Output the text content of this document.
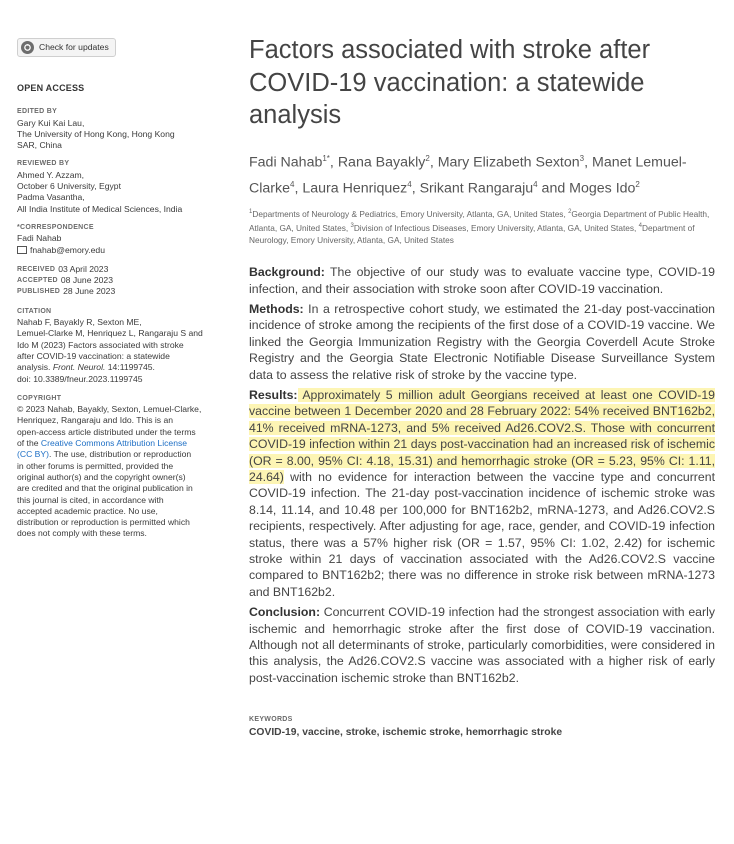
Check for updates
OPEN ACCESS
EDITED BY
Gary Kui Kai Lau,
The University of Hong Kong, Hong Kong
SAR, China
REVIEWED BY
Ahmed Y. Azzam,
October 6 University, Egypt
Padma Vasantha,
All India Institute of Medical Sciences, India
*CORRESPONDENCE
Fadi Nahab
fnahab@emory.edu
RECEIVED 03 April 2023
ACCEPTED 08 June 2023
PUBLISHED 28 June 2023
CITATION
Nahab F, Bayakly R, Sexton ME,
Lemuel-Clarke M, Henriquez L, Rangaraju S and
Ido M (2023) Factors associated with stroke
after COVID-19 vaccination: a statewide
analysis. Front. Neurol. 14:1199745.
doi: 10.3389/fneur.2023.1199745
COPYRIGHT
© 2023 Nahab, Bayakly, Sexton, Lemuel-Clarke,
Henriquez, Rangaraju and Ido. This is an
open-access article distributed under the terms
of the Creative Commons Attribution License
(CC BY). The use, distribution or reproduction
in other forums is permitted, provided the
original author(s) and the copyright owner(s)
are credited and that the original publication in
this journal is cited, in accordance with
accepted academic practice. No use,
distribution or reproduction is permitted which
does not comply with these terms.
Factors associated with stroke after COVID-19 vaccination: a statewide analysis
Fadi Nahab$^{1*}$, Rana Bayakly$^2$, Mary Elizabeth Sexton$^3$, Manet Lemuel-Clarke$^4$, Laura Henriquez$^4$, Srikant Rangaraju$^4$ and Moges Ido$^2$
$^1$Departments of Neurology & Pediatrics, Emory University, Atlanta, GA, United States, $^2$Georgia Department of Public Health, Atlanta, GA, United States, $^3$Division of Infectious Diseases, Emory University, Atlanta, GA, United States, $^4$Department of Neurology, Emory University, Atlanta, GA, United States

Background: The objective of our study was to evaluate vaccine type, COVID-19 infection, and their association with stroke soon after COVID-19 vaccination.

Methods: In a retrospective cohort study, we estimated the 21-day post-vaccination incidence of stroke among the recipients of the first dose of a COVID-19 vaccine. We linked the Georgia Immunization Registry with the Georgia Coverdell Acute Stroke Registry and the Georgia State Electronic Notifiable Disease Surveillance System data to assess the relative risk of stroke by the vaccine type.

Results: Approximately 5 million adult Georgians received at least one COVID-19 vaccine between 1 December 2020 and 28 February 2022: 54% received BNT162b2, 41% received mRNA-1273, and 5% received Ad26.COV2.S. Those with concurrent COVID-19 infection within 21 days post-vaccination had an increased risk of ischemic (OR = 8.00, 95% CI: 4.18, 15.31) and hemorrhagic stroke (OR = 5.23, 95% CI: 1.11, 24.64) with no evidence for interaction between the vaccine type and concurrent COVID-19 infection. The 21-day post-vaccination incidence of ischemic stroke was 8.14, 11.14, and 10.48 per 100,000 for BNT162b2, mRNA-1273, and Ad26.COV2.S recipients, respectively. After adjusting for age, race, gender, and COVID-19 infection status, there was a 57% higher risk (OR = 1.57, 95% CI: 1.02, 2.42) for ischemic stroke within 21 days of vaccination associated with the Ad26.COV2.S vaccine compared to BNT162b2; there was no difference in stroke risk between mRNA-1273 and BNT162b2.

Conclusion: Concurrent COVID-19 infection had the strongest association with early ischemic and hemorrhagic stroke after the first dose of COVID-19 vaccination. Although not all determinants of stroke, particularly comorbidities, were considered in this analysis, the Ad26.COV2.S vaccine was associated with a higher risk of early post-vaccination ischemic stroke than BNT162b2.

KEYWORDS
COVID-19, vaccine, stroke, ischemic stroke, hemorrhagic stroke
